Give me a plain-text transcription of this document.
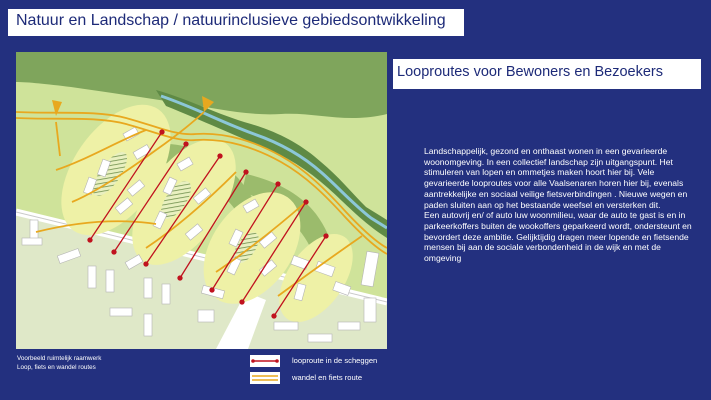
Natuur en Landschap / natuurinclusieve gebiedsontwikkeling
Looproutes voor Bewoners en Bezoekers

Landschappelijk, gezond en onthaast wonen in een gevarieerde woonomgeving. In een collectief landschap zijn uitgangspunt. Het stimuleren van lopen en ommetjes maken hoort hier bij. Vele gevarieerde looproutes voor alle Vaalsenaren horen hier bij, evenals aantrekkelijke en sociaal veilige fietsverbindingen . Nieuwe wegen en paden sluiten aan op het bestaande weefsel en versterken dit.

Een autovrij en/ of auto luw woonmilieu, waar de auto te gast is en in parkeerkoffers buiten de wookoffers geparkeerd wordt, ondersteunt en bevordert deze ambitie. Gelijktijdig dragen meer lopende en fietsende mensen bij aan de sociale verbondenheid in de wijk en met de omgeving

Voorbeeld ruimtelijk raamwerk
Loop, fiets en wandel routes
looproute in de scheggen
wandel en fiets route
